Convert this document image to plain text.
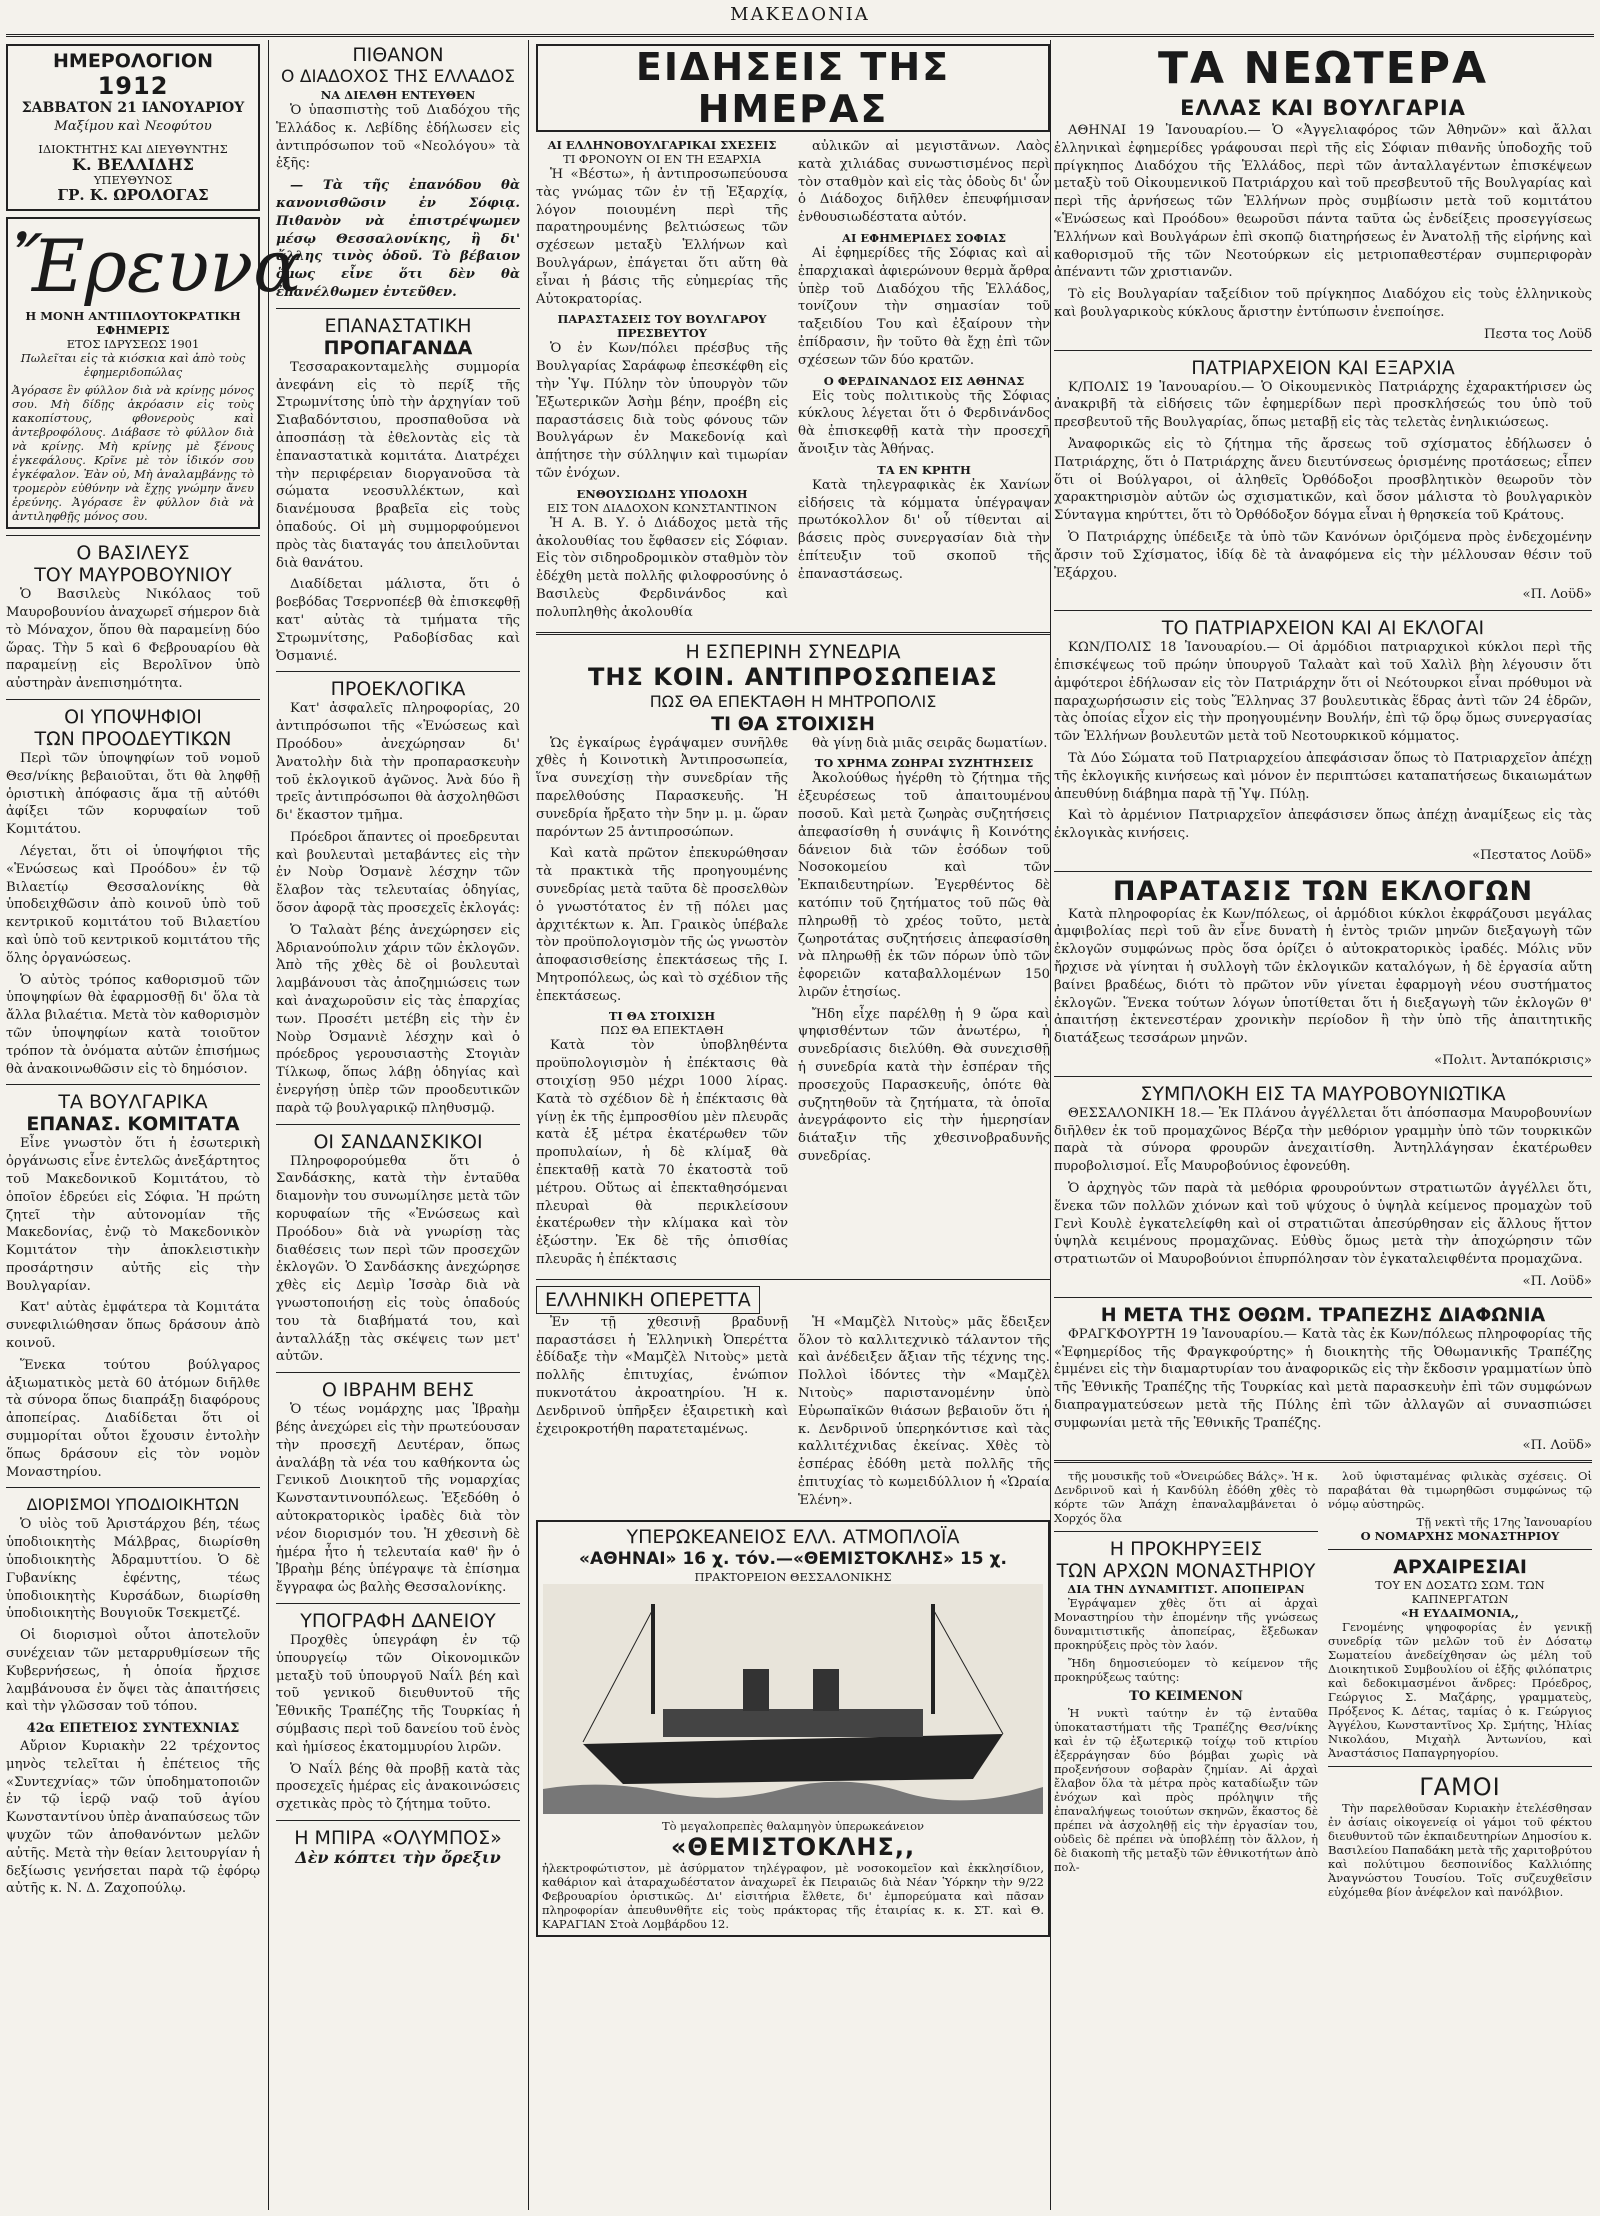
ΜΑΚΕΔΟΝΙΑ
ΗΜΕΡΟΛΟΓΙΟΝ
1912
ΣΑΒΒΑΤΟΝ 21 ΙΑΝΟΥΑΡΙΟΥ
Μαξίμου καὶ Νεοφύτου
ΙΔΙΟΚΤΗΤΗΣ ΚΑΙ ΔΙΕΥΘΥΝΤΗΣ
Κ. ΒΕΛΛΙΔΗΣ
ΥΠΕΥΘΥΝΟΣ
ΓΡ. Κ. ΩΡΟΛΟΓΑΣ
Ἔρευνα
Η ΜΟΝΗ ΑΝΤΙΠΛΟΥΤΟΚΡΑΤΙΚΗ ΕΦΗΜΕΡΙΣ
ΕΤΟΣ ΙΔΡΥΣΕΩΣ 1901
Πωλεῖται εἰς τὰ κιόσκια καὶ ἀπὸ τοὺς ἐφημεριδοπώλας
Ἀγόρασε ἓν φύλλον διὰ νὰ κρίνῃς μόνος σου. Μὴ δίδῃς ἀκρόασιν εἰς τοὺς κακοπίστους, φθονεροὺς καὶ ἀντεβροφόλους. Διάβασε τὸ φύλλον διὰ νὰ κρίνῃς. Μὴ κρίνῃς μὲ ξένους ἐγκεφάλους. Κρῖνε μὲ τὸν ἰδικόν σου ἐγκέφαλον. Ἐὰν οὐ, Μὴ ἀναλαμβάνῃς τὸ τρομερὸν εὐθύνην νὰ ἔχῃς γνώμην ἄνευ ἐρεύνης. Ἀγόρασε ἓν φύλλον διὰ νὰ ἀντιληφθῇς μόνος σου.
Ο ΒΑΣΙΛΕΥΣ
ΤΟΥ ΜΑΥΡΟΒΟΥΝΙΟΥ

Ὁ Βασιλεὺς Νικόλαος τοῦ Μαυροβουνίου ἀναχωρεῖ σήμερον διὰ τὸ Μόναχον, ὅπου θὰ παραμείνῃ δύο ὥρας. Τὴν 5 καὶ 6 Φεβρουαρίου θὰ παραμείνῃ εἰς Βερολῖνον ὑπὸ αὐστηρὰν ἀνεπισημότητα.

ΟΙ ΥΠΟΨΗΦΙΟΙ
ΤΩΝ ΠΡΟΟΔΕΥΤΙΚΩΝ

Περὶ τῶν ὑποψηφίων τοῦ νομοῦ Θεσ/νίκης βεβαιοῦται, ὅτι θὰ ληφθῇ ὁριστικὴ ἀπόφασις ἅμα τῇ αὐτόθι ἀφίξει τῶν κορυφαίων τοῦ Κομιτάτου.

Λέγεται, ὅτι οἱ ὑποψήφιοι τῆς «Ἑνώσεως καὶ Προόδου» ἐν τῷ Βιλαετίῳ Θεσσαλονίκης θὰ ὑποδειχθῶσιν ἀπὸ κοινοῦ ὑπὸ τοῦ κεντρικοῦ κομιτάτου τοῦ Βιλαετίου καὶ ὑπὸ τοῦ κεντρικοῦ κομιτάτου τῆς ὅλης ὀργανώσεως.

Ὁ αὐτὸς τρόπος καθορισμοῦ τῶν ὑποψηφίων θὰ ἐφαρμοσθῇ δι' ὅλα τὰ ἄλλα βιλαέτια. Μετὰ τὸν καθορισμὸν τῶν ὑποψηφίων κατὰ τοιοῦτον τρόπον τὰ ὀνόματα αὐτῶν ἐπισήμως θὰ ἀνακοινωθῶσιν εἰς τὸ δημόσιον.

ΤΑ ΒΟΥΛΓΑΡΙΚΑ
ΕΠΑΝΑΣ. ΚΟΜΙΤΑΤΑ

Εἶνε γνωστὸν ὅτι ἡ ἐσωτερικὴ ὀργάνωσις εἶνε ἐντελῶς ἀνεξάρτητος τοῦ Μακεδονικοῦ Κομιτάτου, τὸ ὁποῖον ἑδρεύει εἰς Σόφια. Ἡ πρώτη ζητεῖ τὴν αὐτονομίαν τῆς Μακεδονίας, ἐνῷ τὸ Μακεδονικὸν Κομιτάτον τὴν ἀποκλειστικὴν προσάρτησιν αὐτῆς εἰς τὴν Βουλγαρίαν.

Κατ' αὐτὰς ἐμφάτερα τὰ Κομιτάτα συνεφιλιώθησαν ὅπως δράσουν ἀπὸ κοινοῦ.

Ἕνεκα τούτου βούλγαρος ἀξιωματικὸς μετὰ 60 ἀτόμων διῆλθε τὰ σύνορα ὅπως διαπράξῃ διαφόρους ἀποπείρας. Διαδίδεται ὅτι οἱ συμμορίται οὗτοι ἔχουσιν ἐντολὴν ὅπως δράσουν εἰς τὸν νομὸν Μοναστηρίου.

ΔΙΟΡΙΣΜΟΙ ΥΠΟΔΙΟΙΚΗΤΩΝ

Ὁ υἱὸς τοῦ Ἀριστάρχου βέη, τέως ὑποδιοικητὴς Μάλβρας, διωρίσθη ὑποδιοικητὴς Ἀδραμυττίου. Ὁ δὲ Γυβανίκης ἐφέντης, τέως ὑποδιοικητὴς Κυρσάδων, διωρίσθη ὑποδιοικητὴς Βουγιοῦκ Τσεκμετζέ.

Οἱ διορισμοὶ οὗτοι ἀποτελοῦν συνέχειαν τῶν μεταρρυθμίσεων τῆς Κυβερνήσεως, ἡ ὁποία ἤρχισε λαμβάνουσα ἐν ὄψει τὰς ἀπαιτήσεις καὶ τὴν γλῶσσαν τοῦ τόπου.

42α ΕΠΕΤΕΙΟΣ ΣΥΝΤΕΧΝΙΑΣ

Αὔριον Κυριακὴν 22 τρέχοντος μηνὸς τελεῖται ἡ ἐπέτειος τῆς «Συντεχνίας» τῶν ὑποδηματοποιῶν ἐν τῷ ἱερῷ ναῷ τοῦ ἁγίου Κωνσταντίνου ὑπὲρ ἀναπαύσεως τῶν ψυχῶν τῶν ἀποθανόντων μελῶν αὐτῆς. Μετὰ τὴν θείαν λειτουργίαν ἡ δεξίωσις γενήσεται παρὰ τῷ ἐφόρῳ αὐτῆς κ. Ν. Δ. Ζαχοπούλῳ.

ΠΙΘΑΝΟΝ
Ο ΔΙΑΔΟΧΟΣ ΤΗΣ ΕΛΛΑΔΟΣ
ΝΑ ΔΙΕΛΘΗ ΕΝΤΕΥΘΕΝ

Ὁ ὑπασπιστὴς τοῦ Διαδόχου τῆς Ἑλλάδος κ. Λεβίδης ἐδήλωσεν εἰς ἀντιπρόσωπον τοῦ «Νεολόγου» τὰ ἑξῆς:

— Τὰ τῆς ἐπανόδου θὰ κανονισθῶσιν ἐν Σόφιᾳ. Πιθανὸν νὰ ἐπιστρέψωμεν μέσῳ Θεσσαλονίκης, ἢ δι' ἄλλης τινὸς ὁδοῦ. Τὸ βέβαιον ὅμως εἶνε ὅτι δὲν θὰ ἐπανέλθωμεν ἐντεῦθεν.

ΕΠΑΝΑΣΤΑΤΙΚΗ
ΠΡΟΠΑΓΑΝΔΑ

Τεσσαρακονταμελὴς συμμορία ἀνεφάνη εἰς τὸ περίξ τῆς Στρωμνίτσης ὑπὸ τὴν ἀρχηγίαν τοῦ Σιαβαδόντσιου, προσπαθοῦσα νὰ ἀποσπάσῃ τὰ ἐθελοντὰς εἰς τὰ ἐπαναστατικὰ κομιτάτα. Διατρέχει τὴν περιφέρειαν διοργανοῦσα τὰ σώματα νεοσυλλέκτων, καὶ διανέμουσα βραβεῖα εἰς τοὺς ὁπαδούς. Οἱ μὴ συμμορφούμενοι πρὸς τὰς διαταγάς του ἀπειλοῦνται διὰ θανάτου.

Διαδίδεται μάλιστα, ὅτι ὁ βοεβόδας Τσερνοπέεβ θὰ ἐπισκεφθῇ κατ' αὐτὰς τὰ τμήματα τῆς Στρωμνίτσης, Ραδοβίσδας καὶ Ὀσμανιέ.

ΠΡΟΕΚΛΟΓΙΚΑ

Κατ' ἀσφαλεῖς πληροφορίας, 20 ἀντιπρόσωποι τῆς «Ἑνώσεως καὶ Προόδου» ἀνεχώρησαν δι' Ἀνατολὴν διὰ τὴν προπαρασκευὴν τοῦ ἐκλογικοῦ ἀγῶνος. Ἀνὰ δύο ἢ τρεῖς ἀντιπρόσωποι θὰ ἀσχοληθῶσι δι' ἕκαστον τμῆμα.

Πρόεδροι ἅπαντες οἱ προεδρευται καὶ βουλευταὶ μεταβάντες εἰς τὴν ἐν Νοὺρ Ὀσμανὲ λέσχην τῶν ἔλαβον τὰς τελευταίας ὁδηγίας, ὅσον ἀφορᾷ τὰς προσεχεῖς ἐκλογάς:

Ὁ Ταλαὰτ βέης ἀνεχώρησεν εἰς Ἀδριανούπολιν χάριν τῶν ἐκλογῶν. Ἀπὸ τῆς χθὲς δὲ οἱ βουλευταὶ λαμβάνουσι τὰς ἀποζημιώσεις των καὶ ἀναχωροῦσιν εἰς τὰς ἐπαρχίας των. Προσέτι μετέβη εἰς τὴν ἐν Νοὺρ Ὀσμανιὲ λέσχην καὶ ὁ πρόεδρος γερουσιαστὴς Στογιὰν Τίλκωφ, ὅπως λάβῃ ὁδηγίας καὶ ἐνεργήσῃ ὑπὲρ τῶν προοδευτικῶν παρὰ τῷ βουλγαρικῷ πληθυσμῷ.

ΟΙ ΣΑΝΔΑΝΣΚΙΚΟΙ

Πληροφορούμεθα ὅτι ὁ Σανδάσκης, κατὰ τὴν ἐνταῦθα διαμονὴν του συνωμίλησε μετὰ τῶν κορυφαίων τῆς «Ἑνώσεως καὶ Προόδου» διὰ νὰ γνωρίσῃ τὰς διαθέσεις των περὶ τῶν προσεχῶν ἐκλογῶν. Ὁ Σανδάσκης ἀνεχώρησε χθὲς εἰς Δεμὶρ Ἰσσὰρ διὰ νὰ γνωστοποιήσῃ εἰς τοὺς ὁπαδούς του τὰ διαβήματά του, καὶ ἀνταλλάξῃ τὰς σκέψεις των μετ' αὐτῶν.

Ο ΙΒΡΑΗΜ ΒΕΗΣ

Ὁ τέως νομάρχης μας Ἰβραὴμ βέης ἀνεχώρει εἰς τὴν πρωτεύουσαν τὴν προσεχῆ Δευτέραν, ὅπως ἀναλάβῃ τὰ νέα του καθήκοντα ὡς Γενικοῦ Διοικητοῦ τῆς νομαρχίας Κωνσταντινουπόλεως. Ἐξεδόθη ὁ αὐτοκρατορικὸς ἰραδὲς διὰ τὸν νέον διορισμόν του. Ἡ χθεσινὴ δὲ ἡμέρα ἦτο ἡ τελευταία καθ' ἣν ὁ Ἰβραὴμ βέης ὑπέγραψε τὰ ἐπίσημα ἔγγραφα ὡς βαλὴς Θεσσαλονίκης.

ΥΠΟΓΡΑΦΗ ΔΑΝΕΙΟΥ

Προχθὲς ὑπεγράφη ἐν τῷ ὑπουργείῳ τῶν Οἰκονομικῶν μεταξὺ τοῦ ὑπουργοῦ Ναΐλ βέη καὶ τοῦ γενικοῦ διευθυντοῦ τῆς Ἐθνικῆς Τραπέζης τῆς Τουρκίας ἡ σύμβασις περὶ τοῦ δανείου τοῦ ἑνὸς καὶ ἡμίσεος ἑκατομμυρίου λιρῶν.

Ὁ Ναΐλ βέης θὰ προβῇ κατὰ τὰς προσεχεῖς ἡμέρας εἰς ἀνακοινώσεις σχετικὰς πρὸς τὸ ζήτημα τοῦτο.

Η ΜΠΙΡΑ «ΟΛΥΜΠΟΣ»
Δὲν κόπτει τὴν ὄρεξιν
ΕΙΔΗΣΕΙΣ ΤΗΣ ΗΜΕΡΑΣ
ΑΙ ΕΛΛΗΝΟΒΟΥΛΓΑΡΙΚΑΙ ΣΧΕΣΕΙΣ
ΤΙ ΦΡΟΝΟΥΝ ΟΙ ΕΝ ΤΗ ΕΞΑΡΧΙΑ

Ἡ «Βέστω», ἡ ἀντιπροσωπεύουσα τὰς γνώμας τῶν ἐν τῇ Ἐξαρχίᾳ, λόγον ποιουμένη περὶ τῆς παρατηρουμένης βελτιώσεως τῶν σχέσεων μεταξὺ Ἑλλήνων καὶ Βουλγάρων, ἐπάγεται ὅτι αὕτη θὰ εἶναι ἡ βάσις τῆς εὐημερίας τῆς Αὐτοκρατορίας.

ΠΑΡΑΣΤΑΣΕΙΣ ΤΟΥ ΒΟΥΛΓΑΡΟΥ ΠΡΕΣΒΕΥΤΟΥ

Ὁ ἐν Κων/πόλει πρέσβυς τῆς Βουλγαρίας Σαράφωφ ἐπεσκέφθη εἰς τὴν Ὑψ. Πύλην τὸν ὑπουργὸν τῶν Ἐξωτερικῶν Ἀσὴμ βέην, προέβη εἰς παραστάσεις διὰ τοὺς φόνους τῶν Βουλγάρων ἐν Μακεδονίᾳ καὶ ἀπῄτησε τὴν σύλληψιν καὶ τιμωρίαν τῶν ἐνόχων.

ΕΝΘΟΥΣΙΩΔΗΣ ΥΠΟΔΟΧΗ
ΕΙΣ ΤΟΝ ΔΙΑΔΟΧΟΝ ΚΩΝΣΤΑΝΤΙΝΟΝ

Ἡ Α. Β. Υ. ὁ Διάδοχος μετὰ τῆς ἀκολουθίας του ἔφθασεν εἰς Σόφιαν. Εἰς τὸν σιδηροδρομικὸν σταθμὸν τὸν ἐδέχθη μετὰ πολλῆς φιλοφροσύνης ὁ Βασιλεὺς Φερδινάνδος καὶ πολυπληθὴς ἀκολουθία

αὐλικῶν αἱ μεγιστᾶνων. Λαὸς κατὰ χιλιάδας συνωστισμένος περὶ τὸν σταθμὸν καὶ εἰς τὰς ὁδοὺς δι' ὧν ὁ Διάδοχος διῆλθεν ἐπευφήμισαν ἐνθουσιωδέστατα αὐτόν.

ΑΙ ΕΦΗΜΕΡΙΔΕΣ ΣΟΦΙΑΣ

Αἱ ἐφημερίδες τῆς Σόφιας καὶ αἱ ἐπαρχιακαὶ ἀφιερώνουν θερμὰ ἄρθρα ὑπὲρ τοῦ Διαδόχου τῆς Ἑλλάδος, τονίζουν τὴν σημασίαν τοῦ ταξειδίου Του καὶ ἐξαίρουν τὴν ἐπίδρασιν, ἣν τοῦτο θὰ ἔχῃ ἐπὶ τῶν σχέσεων τῶν δύο κρατῶν.

Ο ΦΕΡΔΙΝΑΝΔΟΣ ΕΙΣ ΑΘΗΝΑΣ

Εἰς τοὺς πολιτικοὺς τῆς Σόφιας κύκλους λέγεται ὅτι ὁ Φερδινάνδος θὰ ἐπισκεφθῇ κατὰ τὴν προσεχῆ ἄνοιξιν τὰς Ἀθήνας.

ΤΑ ΕΝ ΚΡΗΤΗ

Κατὰ τηλεγραφικὰς ἐκ Χανίων εἰδήσεις τὰ κόμματα ὑπέγραψαν πρωτόκολλον δι' οὗ τίθενται αἱ βάσεις πρὸς συνεργασίαν διὰ τὴν ἐπίτευξιν τοῦ σκοποῦ τῆς ἐπαναστάσεως.

Η ΕΣΠΕΡΙΝΗ ΣΥΝΕΔΡΙΑ
ΤΗΣ ΚΟΙΝ. ΑΝΤΙΠΡΟΣΩΠΕΙΑΣ
ΠΩΣ ΘΑ ΕΠΕΚΤΑΘΗ Η ΜΗΤΡΟΠΟΛΙΣ
ΤΙ ΘΑ ΣΤΟΙΧΙΣΗ

Ὡς ἐγκαίρως ἐγράψαμεν συνῆλθε χθὲς ἡ Κοινοτικὴ Ἀντιπροσωπεία, ἵνα συνεχίσῃ τὴν συνεδρίαν τῆς παρελθούσης Παρασκευῆς. Ἡ συνεδρία ἤρξατο τὴν 5ην μ. μ. ὥραν παρόντων 25 ἀντιπροσώπων.

Καὶ κατὰ πρῶτον ἐπεκυρώθησαν τὰ πρακτικὰ τῆς προηγουμένης συνεδρίας μετὰ ταῦτα δὲ προσελθὼν ὁ γνωστότατος ἐν τῇ πόλει μας ἀρχιτέκτων κ. Ἀπ. Γραικὸς ὑπέβαλε τὸν προϋπολογισμὸν τῆς ὡς γνωστὸν ἀποφασισθείσης ἐπεκτάσεως τῆς Ι. Μητροπόλεως, ὡς καὶ τὸ σχέδιον τῆς ἐπεκτάσεως.

ΤΙ ΘΑ ΣΤΟΙΧΙΣΗ
ΠΩΣ ΘΑ ΕΠΕΚΤΑΘΗ

Κατὰ τὸν ὑποβληθέντα προϋπολογισμὸν ἡ ἐπέκτασις θὰ στοιχίσῃ 950 μέχρι 1000 λίρας. Κατὰ τὸ σχέδιον δὲ ἡ ἐπέκτασις θὰ γίνῃ ἐκ τῆς ἐμπροσθίου μὲν πλευρᾶς κατὰ ἑξ μέτρα ἑκατέρωθεν τῶν προπυλαίων, ἡ δὲ κλίμαξ θὰ ἐπεκταθῇ κατὰ 70 ἑκατοστὰ τοῦ μέτρου. Οὕτως αἱ ἐπεκταθησόμεναι πλευραὶ θὰ περικλείσουν ἑκατέρωθεν τὴν κλίμακα καὶ τὸν ἐξώστην. Ἐκ δὲ τῆς ὀπισθίας πλευρᾶς ἡ ἐπέκτασις

θὰ γίνῃ διὰ μιᾶς σειρᾶς δωματίων.

ΤΟ ΧΡΗΜΑ ΖΩΗΡΑΙ ΣΥΖΗΤΗΣΕΙΣ

Ἀκολούθως ἠγέρθη τὸ ζήτημα τῆς ἐξευρέσεως τοῦ ἀπαιτουμένου ποσοῦ. Καὶ μετὰ ζωηρὰς συζητήσεις ἀπεφασίσθη ἡ συνάψις ἢ Κοινότης δάνειον διὰ τῶν ἐσόδων τοῦ Νοσοκομείου καὶ τῶν Ἐκπαιδευτηρίων. Ἐγερθέντος δὲ κατόπιν τοῦ ζητήματος τοῦ πῶς θὰ πληρωθῇ τὸ χρέος τοῦτο, μετὰ ζωηροτάτας συζητήσεις ἀπεφασίσθη νὰ πληρωθῇ ἐκ τῶν πόρων ὑπὸ τῶν ἐφορειῶν καταβαλλομένων 150 λιρῶν ἐτησίως.

Ἤδη εἶχε παρέλθῃ ἡ 9 ὥρα καὶ ψηφισθέντων τῶν ἀνωτέρω, ἡ συνεδρίασις διελύθη. Θὰ συνεχισθῇ ἡ συνεδρία κατὰ τὴν ἑσπέραν τῆς προσεχοῦς Παρασκευῆς, ὁπότε θὰ συζητηθοῦν τὰ ζητήματα, τὰ ὁποῖα ἀνεγράφοντο εἰς τὴν ἡμερησίαν διάταξιν τῆς χθεσινοβραδυνῆς συνεδρίας.

ΕΛΛΗΝΙΚΗ ΟΠΕΡΕΤΤΑ

Ἐν τῇ χθεσινῇ βραδυνῇ παραστάσει ἡ Ἑλληνικὴ Ὀπερέττα ἐδίδαξε τὴν «Μαμζὲλ Νιτοὺς» μετὰ πολλῆς ἐπιτυχίας, ἐνώπιον πυκνοτάτου ἀκροατηρίου. Ἡ κ. Δενδρινοῦ ὑπῆρξεν ἐξαιρετικὴ καὶ ἐχειροκροτήθη παρατεταμένως.

Ἡ «Μαμζὲλ Νιτοὺς» μᾶς ἔδειξεν ὅλον τὸ καλλιτεχνικὸ τάλαντον τῆς καὶ ἀνέδειξεν ἄξιαν τῆς τέχνης της. Πολλοὶ ἰδόντες τὴν «Μαμζὲλ Νιτοὺς» παριστανομένην ὑπὸ Εὐρωπαϊκῶν θιάσων βεβαιοῦν ὅτι ἡ κ. Δενδρινοῦ ὑπερηκόντισε καὶ τὰς καλλιτέχνιδας ἐκείνας. Χθὲς τὸ ἑσπέρας ἐδόθη μετὰ πολλῆς τῆς ἐπιτυχίας τὸ κωμειδύλλιον ἡ «Ὡραία Ἑλένη».

ΥΠΕΡΩΚΕΑΝΕΙΟΣ ΕΛΛ. ΑΤΜΟΠΛΟΪΑ
«ΑΘΗΝΑΙ» 16 χ. τόν.—«ΘΕΜΙΣΤΟΚΛΗΣ» 15 χ.
ΠΡΑΚΤΟΡΕΙΟΝ ΘΕΣΣΑΛΟΝΙΚΗΣ
Τὸ μεγαλοπρεπὲς θαλαμηγὸν ὑπερωκεάνειον
«ΘΕΜΙΣΤΟΚΛΗΣ,,
ἠλεκτροφώτιστον, μὲ ἀσύρματον τηλέγραφον, μὲ νοσοκομεῖον καὶ ἐκκλησίδιον, καθάριον καὶ ἀταραχωδέστατον ἀναχωρεῖ ἐκ Πειραιῶς διὰ Νέαν Ὑόρκην τὴν 9/22 Φεβρουαρίου ὁριστικῶς. Δι' εἰσιτήρια ἔλθετε, δι' ἐμπορεύματα καὶ πᾶσαν πληροφορίαν ἀπευθυνθῆτε εἰς τοὺς πράκτορας τῆς ἑταιρίας κ. κ. ΣΤ. καὶ Θ. ΚΑΡΑΓΙΑΝ Στοὰ Λομβάρδου 12.
ΤΑ ΝΕΩΤΕΡΑ
ΕΛΛΑΣ ΚΑΙ ΒΟΥΛΓΑΡΙΑ

ΑΘΗΝΑΙ 19 Ἰανουαρίου.— Ὁ «Ἀγγελιαφόρος τῶν Ἀθηνῶν» καὶ ἄλλαι ἑλληνικαὶ ἐφημερίδες γράφουσαι περὶ τῆς εἰς Σόφιαν πιθανῆς ὑποδοχῆς τοῦ πρίγκηπος Διαδόχου τῆς Ἑλλάδος, περὶ τῶν ἀνταλλαγέντων ἐπισκέψεων μεταξὺ τοῦ Οἰκουμενικοῦ Πατριάρχου καὶ τοῦ πρεσβευτοῦ τῆς Βουλγαρίας καὶ περὶ τῆς ἀρνήσεως τῶν Ἑλλήνων πρὸς συμβίωσιν μετὰ τοῦ κομιτάτου «Ἑνώσεως καὶ Προόδου» θεωροῦσι πάντα ταῦτα ὡς ἐνδείξεις προσεγγίσεως Ἑλλήνων καὶ Βουλγάρων ἐπὶ σκοπῷ διατηρήσεως ἐν Ἀνατολῇ τῆς εἰρήνης καὶ καθορισμοῦ τῆς τῶν Νεοτούρκων εἰς μετριοπαθεστέραν συμπεριφορὰν ἀπέναντι τῶν χριστιανῶν.

Τὸ εἰς Βουλγαρίαν ταξείδιον τοῦ πρίγκηπος Διαδόχου εἰς τοὺς ἑλληνικοὺς καὶ βουλγαρικοὺς κύκλους ἄριστην ἐντύπωσιν ἐνεποίησε.

Πεστα τος Λοϋδ
ΠΑΤΡΙΑΡΧΕΙΟΝ ΚΑΙ ΕΞΑΡΧΙΑ

Κ/ΠΟΛΙΣ 19 Ἰανουαρίου.— Ὁ Οἰκουμενικὸς Πατριάρχης ἐχαρακτήρισεν ὡς ἀνακριβῆ τὰ εἰδήσεις τῶν ἐφημερίδων περὶ προσκλήσεώς του ὑπὸ τοῦ πρεσβευτοῦ τῆς Βουλγαρίας, ὅπως μεταβῇ εἰς τὰς τελετὰς ἐνηλικιώσεως.

Ἀναφορικῶς εἰς τὸ ζήτημα τῆς ἄρσεως τοῦ σχίσματος ἐδήλωσεν ὁ Πατριάρχης, ὅτι ὁ Πατριάρχης ἄνευ διευτύνσεως ὁρισμένης προτάσεως; εἶπεν ὅτι οἱ Βούλγαροι, οἱ ἀληθεῖς Ὀρθόδοξοι προσβλητικὸν θεωροῦν τὸν χαρακτηρισμὸν αὐτῶν ὡς σχισματικῶν, καὶ ὅσον μάλιστα τὸ βουλγαρικὸν Σύνταγμα κηρύττει, ὅτι τὸ Ὀρθόδοξον δόγμα εἶναι ἡ θρησκεία τοῦ Κράτους.

Ὁ Πατριάρχης ὑπέδειξε τὰ ὑπὸ τῶν Κανόνων ὁριζόμενα πρὸς ἐνδεχομένην ἄρσιν τοῦ Σχίσματος, ἰδίᾳ δὲ τὰ ἀναφόμενα εἰς τὴν μέλλουσαν θέσιν τοῦ Ἐξάρχου.

«Π. Λοϋδ»
ΤΟ ΠΑΤΡΙΑΡΧΕΙΟΝ ΚΑΙ ΑΙ ΕΚΛΟΓΑΙ

ΚΩΝ/ΠΟΛΙΣ 18 Ἰανουαρίου.— Οἱ ἁρμόδιοι πατριαρχικοὶ κύκλοι περὶ τῆς ἐπισκέψεως τοῦ πρώην ὑπουργοῦ Ταλαὰτ καὶ τοῦ Χαλὶλ βὴη λέγουσιν ὅτι ἀμφότεροι ἐδήλωσαν εἰς τὸν Πατριάρχην ὅτι οἱ Νεότουρκοι εἶναι πρόθυμοι νὰ παραχωρήσωσιν εἰς τοὺς Ἕλληνας 37 βουλευτικὰς ἕδρας ἀντὶ τῶν 24 ἑδρῶν, τὰς ὁποίας εἶχον εἰς τὴν προηγουμένην Βουλήν, ἐπὶ τῷ ὅρῳ ὅμως συνεργασίας τῶν Ἑλλήνων βουλευτῶν μετὰ τοῦ Νεοτουρκικοῦ κόμματος.

Τὰ Δύο Σώματα τοῦ Πατριαρχείου ἀπεφάσισαν ὅπως τὸ Πατριαρχεῖον ἀπέχῃ τῆς ἐκλογικῆς κινήσεως καὶ μόνον ἐν περιπτώσει καταπατήσεως δικαιωμάτων ἀπευθύνῃ διάβημα παρὰ τῇ Ὑψ. Πύλῃ.

Καὶ τὸ ἀρμένιον Πατριαρχεῖον ἀπεφάσισεν ὅπως ἀπέχῃ ἀναμίξεως εἰς τὰς ἐκλογικὰς κινήσεις.

«Πεστατος Λοϋδ»
ΠΑΡΑΤΑΣΙΣ ΤΩΝ ΕΚΛΟΓΩΝ

Κατὰ πληροφορίας ἐκ Κων/πόλεως, οἱ ἁρμόδιοι κύκλοι ἐκφράζουσι μεγάλας ἀμφιβολίας περὶ τοῦ ἂν εἶνε δυνατὴ ἡ ἐντὸς τριῶν μηνῶν διεξαγωγὴ τῶν ἐκλογῶν συμφώνως πρὸς ὅσα ὁρίζει ὁ αὐτοκρατορικὸς ἰραδές. Μόλις νῦν ἤρχισε νὰ γίνηται ἡ συλλογὴ τῶν ἐκλογικῶν καταλόγων, ἡ δὲ ἐργασία αὕτη βαίνει βραδέως, διότι τὸ πρῶτον νῦν γίνεται ἐφαρμογὴ νέου συστήματος ἐκλογῶν. Ἕνεκα τούτων λόγων ὑποτίθεται ὅτι ἡ διεξαγωγὴ τῶν ἐκλογῶν θ' ἀπαιτήσῃ ἐκτενεστέραν χρονικὴν περίοδον ἢ τὴν ὑπὸ τῆς ἀπαιτητικῆς διατάξεως τεσσάρων μηνῶν.

«Πολιτ. Ἀνταπόκρισις»
ΣΥΜΠΛΟΚΗ ΕΙΣ ΤΑ ΜΑΥΡΟΒΟΥΝΙΩΤΙΚΑ

ΘΕΣΣΑΛΟΝΙΚΗ 18.— Ἐκ Πλάνου ἀγγέλλεται ὅτι ἀπόσπασμα Μαυροβουνίων διῆλθεν ἐκ τοῦ προμαχῶνος Βέρζα τὴν μεθόριον γραμμὴν ὑπὸ τῶν τουρκικῶν παρὰ τὰ σύνορα φρουρῶν ἀνεχαιτίσθη. Ἀντηλλάγησαν ἑκατέρωθεν πυροβολισμοί. Εἷς Μαυροβούνιος ἐφονεύθη.

Ὁ ἀρχηγὸς τῶν παρὰ τὰ μεθόρια φρουρούντων στρατιωτῶν ἀγγέλλει ὅτι, ἕνεκα τῶν πολλῶν χιόνων καὶ τοῦ ψύχους ὁ ὑψηλὰ κείμενος προμαχὼν τοῦ Γενὶ Κουλὲ ἐγκατελείφθη καὶ οἱ στρατιῶται ἀπεσύρθησαν εἰς ἄλλους ἥττον ὑψηλὰ κειμένους προμαχῶνας. Εὐθὺς ὅμως μετὰ τὴν ἀποχώρησιν τῶν στρατιωτῶν οἱ Μαυροβούνιοι ἐπυρπόλησαν τὸν ἐγκαταλειφθέντα προμαχῶνα.

«Π. Λοϋδ»
Η ΜΕΤΑ ΤΗΣ ΟΘΩΜ. ΤΡΑΠΕΖΗΣ ΔΙΑΦΩΝΙΑ

ΦΡΑΓΚΦΟΥΡΤΗ 19 Ἰανουαρίου.— Κατὰ τὰς ἐκ Κων/πόλεως πληροφορίας τῆς «Ἐφημερίδος τῆς Φραγκφούρτης» ἡ διοικητὴς τῆς Ὀθωμανικῆς Τραπέζης ἐμμένει εἰς τὴν διαμαρτυρίαν του ἀναφορικῶς εἰς τὴν ἔκδοσιν γραμματίων ὑπὸ τῆς Ἐθνικῆς Τραπέζης τῆς Τουρκίας καὶ μετὰ παρασκευὴν ἐπὶ τῶν συμφώνων διαπραγματεύσεων μετὰ τῆς Πύλης ἐπὶ τῶν ἀλλαγῶν αἱ συνασπιώσει συμφωνίαι μετὰ τῆς Ἐθνικῆς Τραπέζης.

«Π. Λοϋδ»

τῆς μουσικῆς τοῦ «Ὀνειρώδες Βάλς». Ἡ κ. Δενδρινοῦ καὶ ἡ Κανδύλη ἐδόθη χθὲς τὸ κόρτε τῶν Ἀπάχη ἐπαναλαμβάνεται ὁ Χορχός ὅλα

Η ΠΡΟΚΗΡΥΞΕΙΣ
ΤΩΝ ΑΡΧΩΝ ΜΟΝΑΣΤΗΡΙΟΥ
ΔΙΑ ΤΗΝ ΔΥΝΑΜΙΤΙΣΤ. ΑΠΟΠΕΙΡΑΝ

Ἐγράψαμεν χθὲς ὅτι αἱ ἀρχαὶ Μοναστηρίου τὴν ἑπομένην τῆς γνώσεως δυναμιτιστικῆς ἀποπείρας, ἔξεδωκαν προκηρύξεις πρὸς τὸν λαόν.

Ἤδη δημοσιεύομεν τὸ κείμενον τῆς προκηρύξεως ταύτης:

ΤΟ ΚΕΙΜΕΝΟΝ

Ἡ νυκτὶ ταύτην ἐν τῷ ἐνταῦθα ὑποκαταστήματι τῆς Τραπέζης Θεσ/νίκης καὶ ἐν τῷ ἐξωτερικῷ τοίχῳ τοῦ κτιρίου ἐξερράγησαν δύο βόμβαι χωρὶς νὰ προξενήσουν σοβαρὰν ζημίαν. Αἱ ἀρχαὶ ἔλαβον ὅλα τὰ μέτρα πρὸς καταδίωξιν τῶν ἐνόχων καὶ πρὸς πρόληψιν τῆς ἐπαναλήψεως τοιούτων σκηνῶν, ἕκαστος δὲ πρέπει νὰ ἀσχοληθῇ εἰς τὴν ἐργασίαν του, οὐδεὶς δὲ πρέπει νὰ ὑποβλέπῃ τὸν ἄλλον, ἡ δὲ διακοπὴ τῆς μεταξὺ τῶν ἐθνικοτήτων ἀπὸ πολ-

λοῦ ὑφισταμένας φιλικὰς σχέσεις. Οἱ παραβάται θὰ τιμωρηθῶσι συμφώνως τῷ νόμῳ αὐστηρῶς.

Τῇ νεκτὶ τῆς 17ης Ἰανουαρίου
Ο ΝΟΜΑΡΧΗΣ ΜΟΝΑΣΤΗΡΙΟΥ
ΑΡΧΑΙΡΕΣΙΑΙ
ΤΟΥ ΕΝ ΔΟΣΑΤΩ ΣΩΜ. ΤΩΝ ΚΑΠΝΕΡΓΑΤΩΝ
«Η ΕΥΔΑΙΜΟΝΙΑ,,

Γενομένης ψηφοφορίας ἐν γενικῇ συνεδρίᾳ τῶν μελῶν τοῦ ἐν Δόσατῳ Σωματείου ἀνεδείχθησαν ὡς μέλη τοῦ Διοικητικοῦ Συμβουλίου οἱ ἑξῆς φιλόπατρις καὶ δεδοκιμασμένοι ἄνδρες: Πρόεδρος, Γεώργιος Σ. Μαζάρης, γραμματεὺς, Πρόξενος Κ. Δέτας, ταμίας ὁ κ. Γεώργιος Ἀγγέλου, Κωνσταντῖνος Χρ. Σμήτης, Ἠλίας Νικολάου, Μιχαὴλ Ἀντωνίου, καὶ Ἀναστάσιος Παπαγρηγορίου.

ΓΑΜΟΙ

Τὴν παρελθοῦσαν Κυριακὴν ἐτελέσθησαν ἐν ἀσίαις οἰκογενείᾳ οἱ γάμοι τοῦ φέκτου διευθυντοῦ τῶν ἐκπαιδευτηρίων Δημοσίου κ. Βασιλείου Παπαδάκη μετὰ τῆς χαριτοβρύτου καὶ πολύτιμου δεσποινίδος Καλλιόπης Ἀναγνώστου Τουσίου. Τοῖς συζευχθεῖσιν εὐχόμεθα βίον ἀνέφελον καὶ πανόλβιον.
